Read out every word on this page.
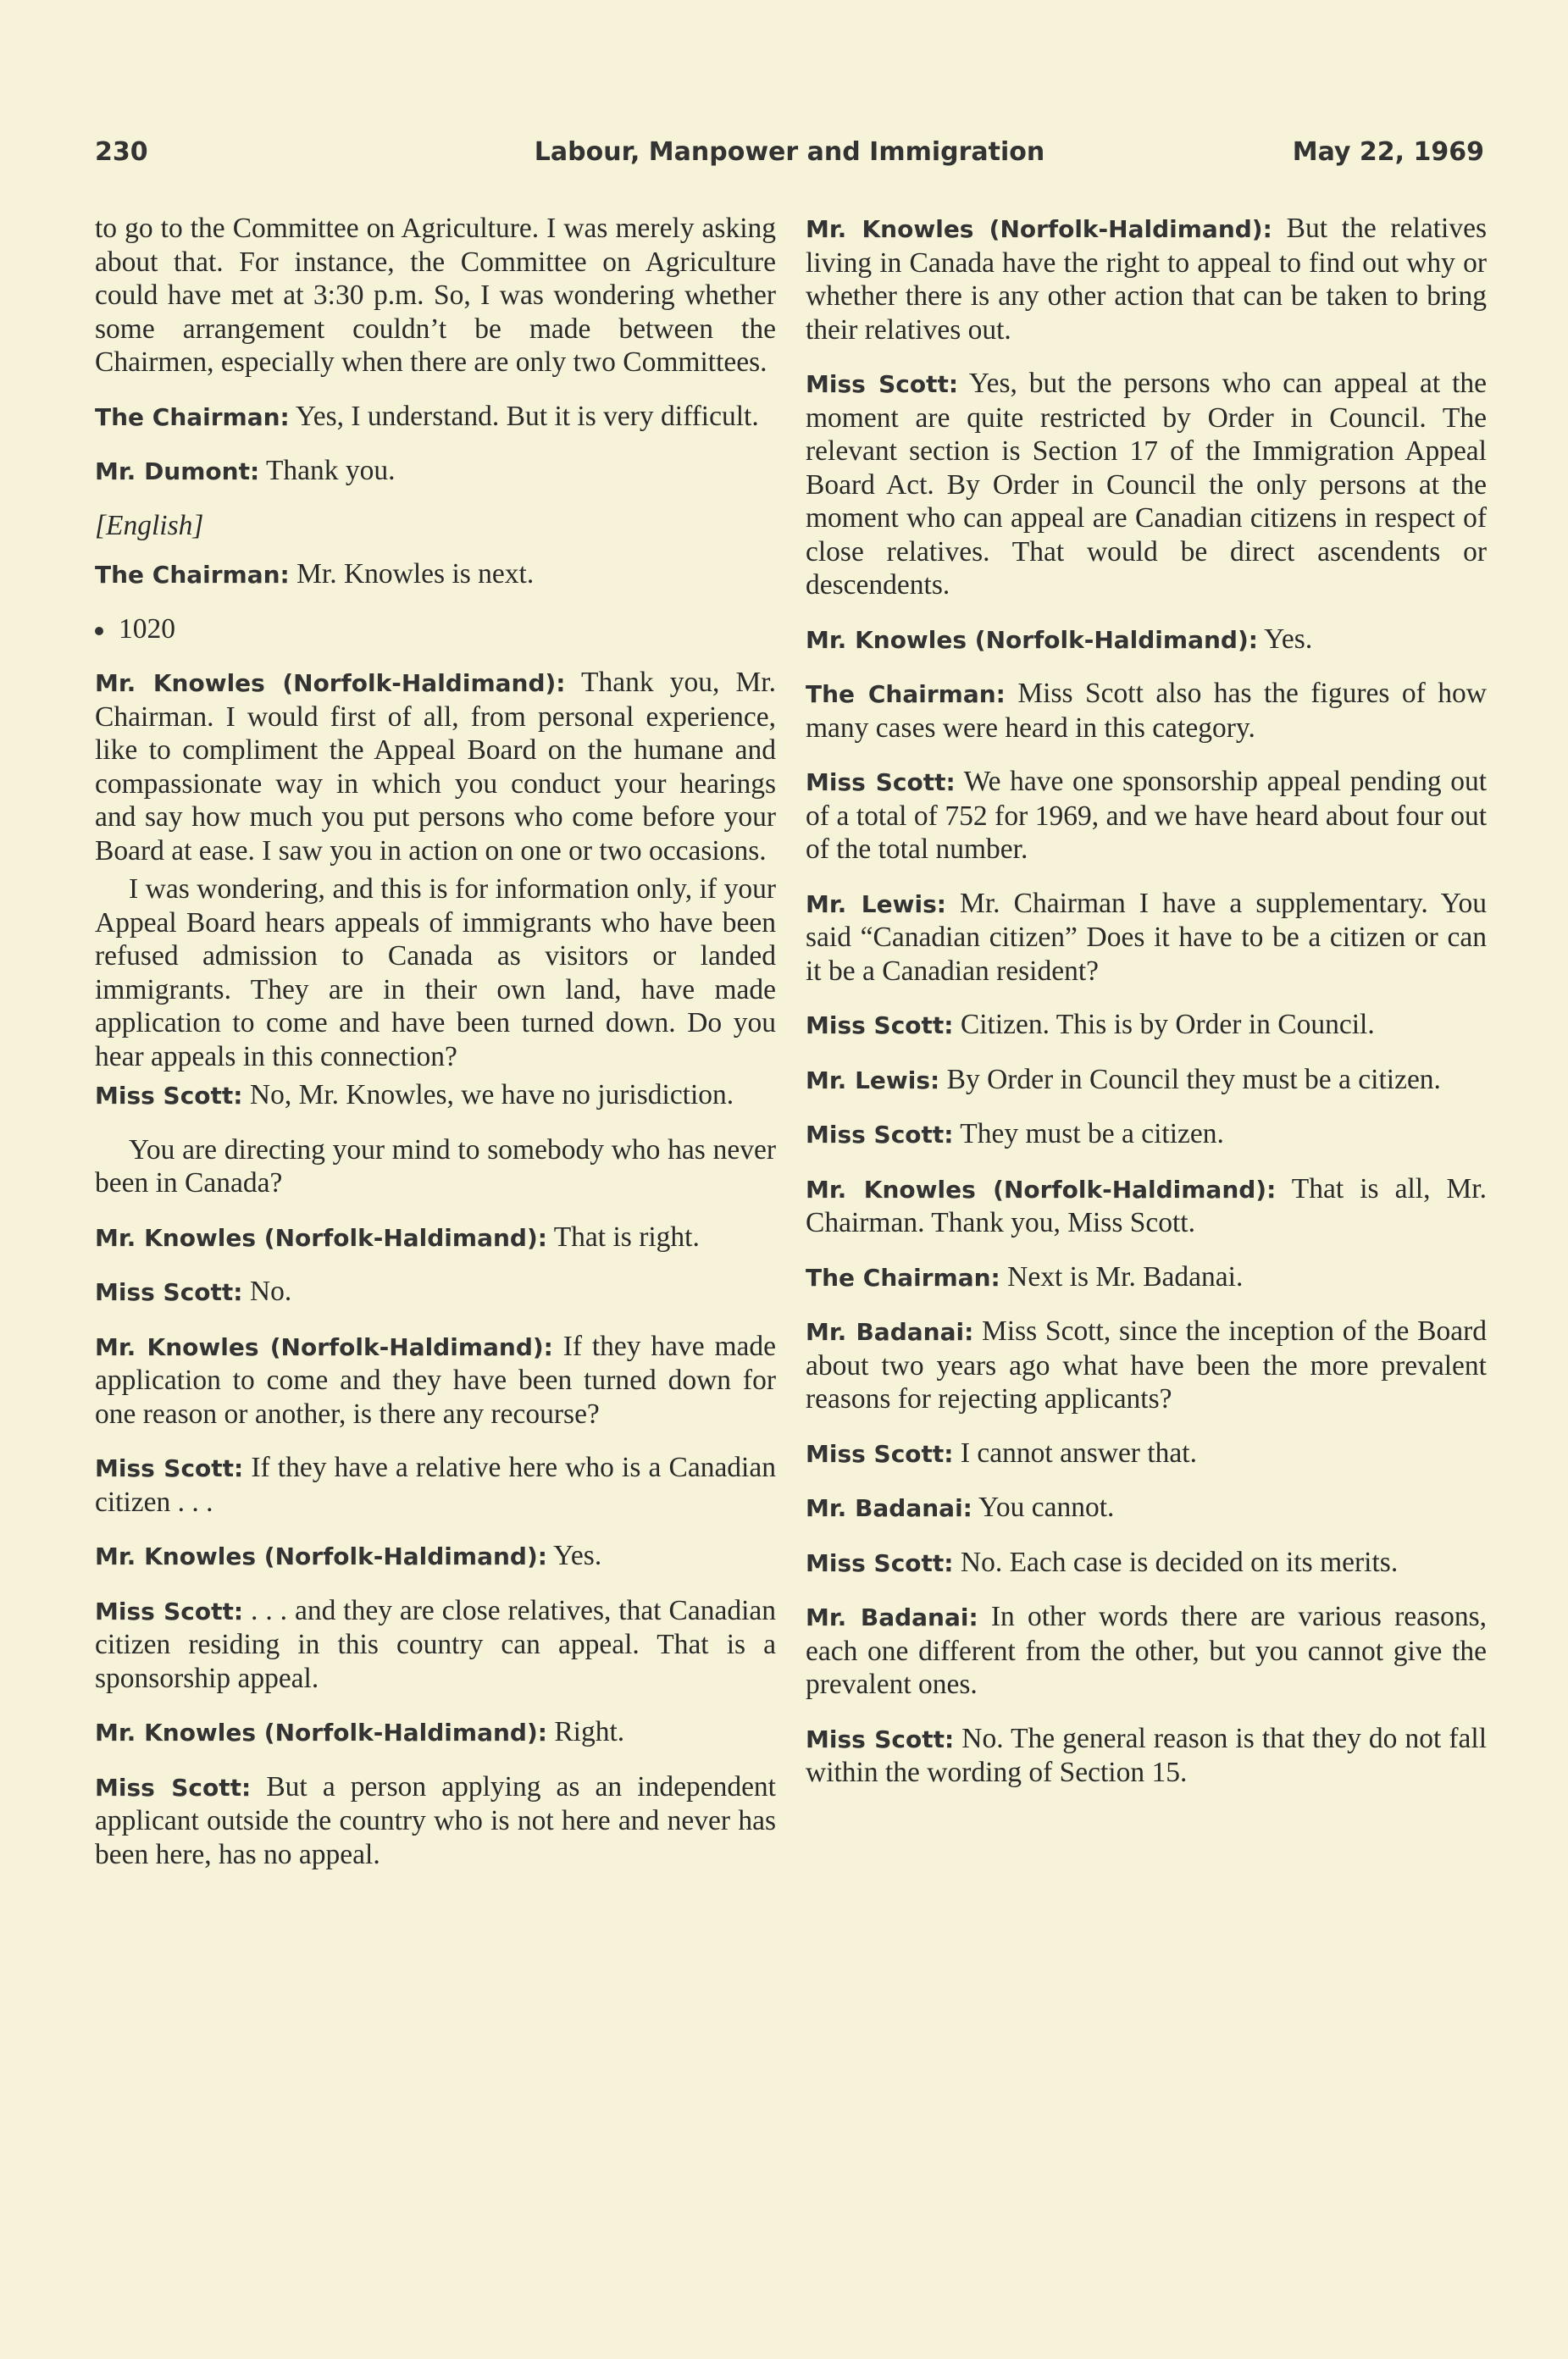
230	Labour, Manpower and Immigration	May 22, 1969

to go to the Committee on Agriculture. I was merely asking about that. For instance, the Committee on Agriculture could have met at 3:30 p.m. So, I was wondering whether some arrangement couldn’t be made between the Chairmen, especially when there are only two Committees.

The Chairman: Yes, I understand. But it is very difficult.

Mr. Dumont: Thank you.

[English]

The Chairman: Mr. Knowles is next.

1020

Mr. Knowles (Norfolk-Haldimand): Thank you, Mr. Chairman. I would first of all, from personal experience, like to compliment the Appeal Board on the humane and compassionate way in which you conduct your hearings and say how much you put persons who come before your Board at ease. I saw you in action on one or two occasions.

I was wondering, and this is for information only, if your Appeal Board hears appeals of immigrants who have been refused admission to Canada as visitors or landed immigrants. They are in their own land, have made application to come and have been turned down. Do you hear appeals in this connection?

Miss Scott: No, Mr. Knowles, we have no jurisdiction.

You are directing your mind to somebody who has never been in Canada?

Mr. Knowles (Norfolk-Haldimand): That is right.

Miss Scott: No.

Mr. Knowles (Norfolk-Haldimand): If they have made application to come and they have been turned down for one reason or another, is there any recourse?

Miss Scott: If they have a relative here who is a Canadian citizen . . .

Mr. Knowles (Norfolk-Haldimand): Yes.

Miss Scott: . . . and they are close relatives, that Canadian citizen residing in this country can appeal. That is a sponsorship appeal.

Mr. Knowles (Norfolk-Haldimand): Right.

Miss Scott: But a person applying as an independent applicant outside the country who is not here and never has been here, has no appeal.

Mr. Knowles (Norfolk-Haldimand): But the relatives living in Canada have the right to appeal to find out why or whether there is any other action that can be taken to bring their relatives out.

Miss Scott: Yes, but the persons who can appeal at the moment are quite restricted by Order in Council. The relevant section is Section 17 of the Immigration Appeal Board Act. By Order in Council the only persons at the moment who can appeal are Canadian citizens in respect of close relatives. That would be direct ascendents or descendents.

Mr. Knowles (Norfolk-Haldimand): Yes.

The Chairman: Miss Scott also has the figures of how many cases were heard in this category.

Miss Scott: We have one sponsorship appeal pending out of a total of 752 for 1969, and we have heard about four out of the total number.

Mr. Lewis: Mr. Chairman I have a supplementary. You said “Canadian citizen” Does it have to be a citizen or can it be a Canadian resident?

Miss Scott: Citizen. This is by Order in Council.

Mr. Lewis: By Order in Council they must be a citizen.

Miss Scott: They must be a citizen.

Mr. Knowles (Norfolk-Haldimand): That is all, Mr. Chairman. Thank you, Miss Scott.

The Chairman: Next is Mr. Badanai.

Mr. Badanai: Miss Scott, since the inception of the Board about two years ago what have been the more prevalent reasons for rejecting applicants?

Miss Scott: I cannot answer that.

Mr. Badanai: You cannot.

Miss Scott: No. Each case is decided on its merits.

Mr. Badanai: In other words there are various reasons, each one different from the other, but you cannot give the prevalent ones.

Miss Scott: No. The general reason is that they do not fall within the wording of Section 15.
